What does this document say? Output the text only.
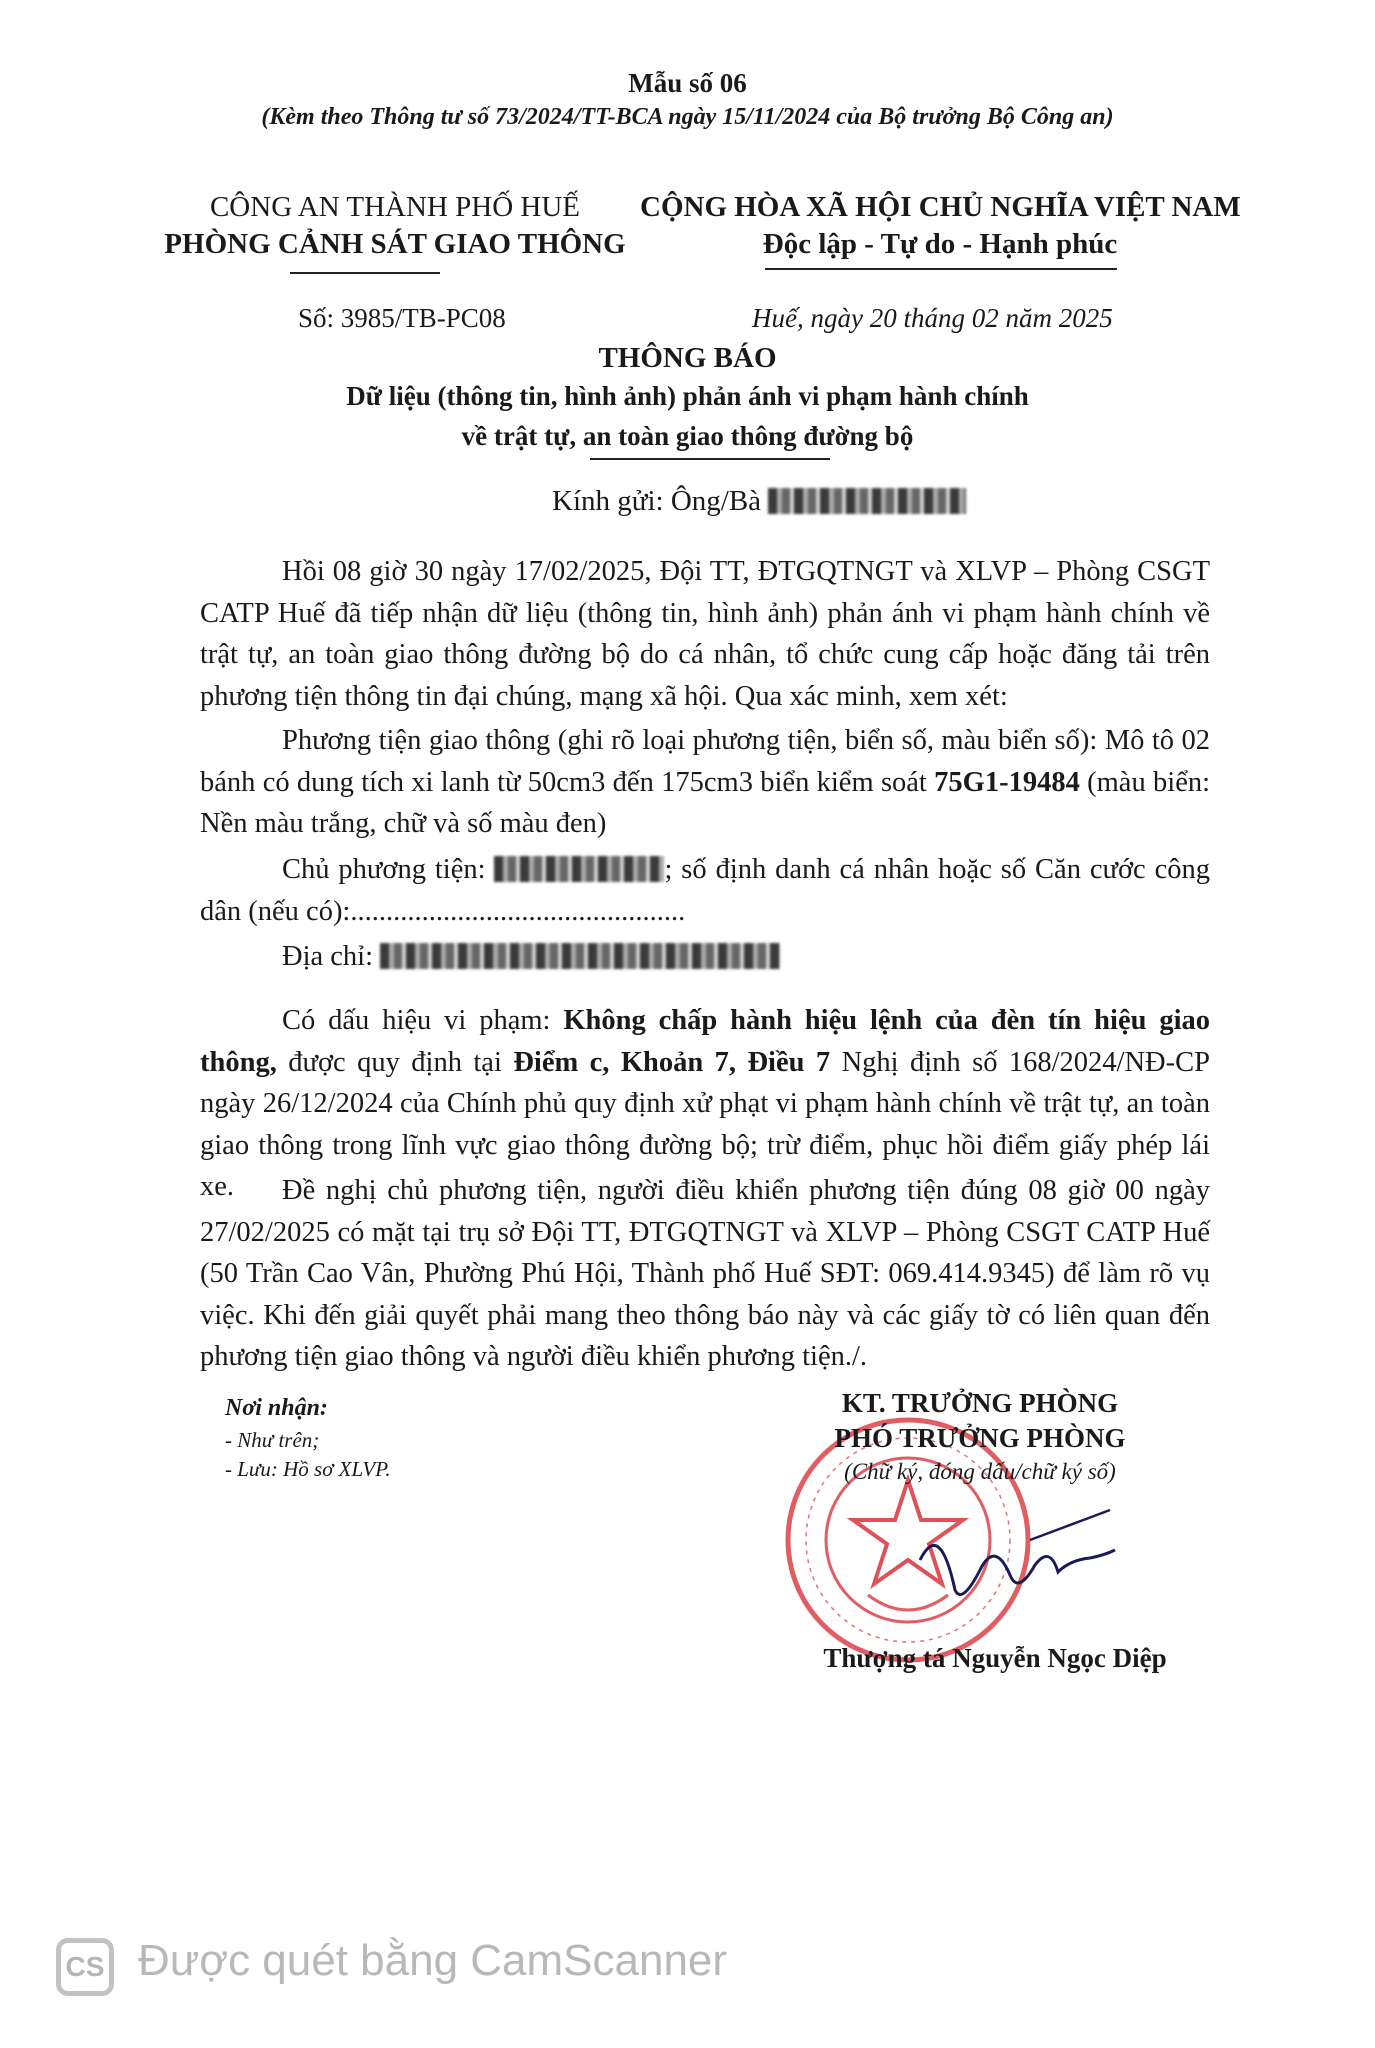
Mẫu số 06
(Kèm theo Thông tư số 73/2024/TT-BCA ngày 15/11/2024 của Bộ trưởng Bộ Công an)
CÔNG AN THÀNH PHỐ HUẾ
PHÒNG CẢNH SÁT GIAO THÔNG
CỘNG HÒA XÃ HỘI CHỦ NGHĨA VIỆT NAM
Độc lập - Tự do - Hạnh phúc
Số: 3985/TB-PC08	Huế, ngày 20 tháng 02 năm 2025
THÔNG BÁO
Dữ liệu (thông tin, hình ảnh) phản ánh vi phạm hành chính
về trật tự, an toàn giao thông đường bộ
Kính gửi: Ông/Bà
Hồi 08 giờ 30 ngày 17/02/2025, Đội TT, ĐTGQTNGT và XLVP – Phòng CSGT CATP Huế đã tiếp nhận dữ liệu (thông tin, hình ảnh) phản ánh vi phạm hành chính về trật tự, an toàn giao thông đường bộ do cá nhân, tổ chức cung cấp hoặc đăng tải trên phương tiện thông tin đại chúng, mạng xã hội. Qua xác minh, xem xét:
Phương tiện giao thông (ghi rõ loại phương tiện, biển số, màu biển số): Mô tô 02 bánh có dung tích xi lanh từ 50cm3 đến 175cm3 biển kiểm soát 75G1-19484 (màu biển: Nền màu trắng, chữ và số màu đen)
Chủ phương tiện:	; số định danh cá nhân hoặc số Căn cước công dân (nếu có):...............................................
Địa chỉ:
Có dấu hiệu vi phạm: Không chấp hành hiệu lệnh của đèn tín hiệu giao thông, được quy định tại Điểm c, Khoản 7, Điều 7 Nghị định số 168/2024/NĐ-CP ngày 26/12/2024 của Chính phủ quy định xử phạt vi phạm hành chính về trật tự, an toàn giao thông trong lĩnh vực giao thông đường bộ; trừ điểm, phục hồi điểm giấy phép lái xe.	Đề nghị chủ phương tiện, người điều khiển phương tiện đúng 08 giờ 00 ngày 27/02/2025 có mặt tại trụ sở Đội TT, ĐTGQTNGT và XLVP – Phòng CSGT CATP Huế (50 Trần Cao Vân, Phường Phú Hội, Thành phố Huế SĐT: 069.414.9345) để làm rõ vụ việc. Khi đến giải quyết phải mang theo thông báo này và các giấy tờ có liên quan đến phương tiện giao thông và người điều khiển phương tiện./.
Nơi nhận:
- Như trên;
- Lưu: Hồ sơ XLVP.
KT. TRƯỞNG PHÒNG
PHÓ TRƯỞNG PHÒNG
(Chữ ký, đóng dấu/chữ ký số)
Thượng tá Nguyễn Ngọc Diệp
CS Được quét bằng CamScanner
